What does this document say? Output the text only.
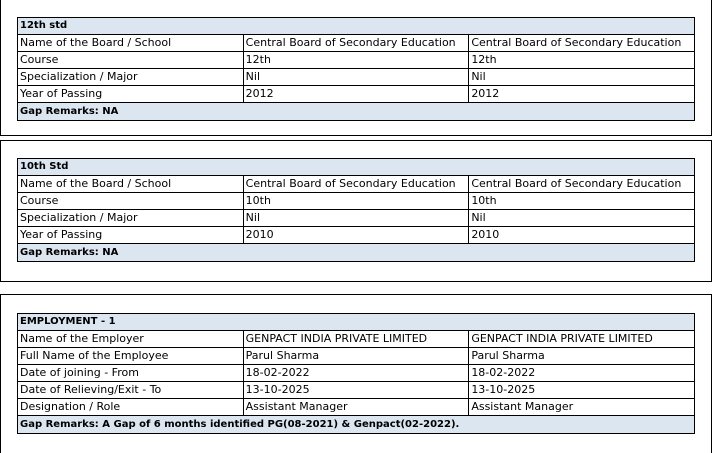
12th std		
Name of the Board / School	Central Board of Secondary Education	Central Board of Secondary Education
Course	12th	12th
Specialization / Major	Nil	Nil
Year of Passing	2012	2012
Gap Remarks: NA		
10th Std		
Name of the Board / School	Central Board of Secondary Education	Central Board of Secondary Education
Course	10th	10th
Specialization / Major	Nil	Nil
Year of Passing	2010	2010
Gap Remarks: NA		
EMPLOYMENT - 1		
Name of the Employer	GENPACT INDIA PRIVATE LIMITED	GENPACT INDIA PRIVATE LIMITED
Full Name of the Employee	Parul Sharma	Parul Sharma
Date of joining - From	18-02-2022	18-02-2022
Date of Relieving/Exit - To	13-10-2025	13-10-2025
Designation / Role	Assistant Manager	Assistant Manager
Gap Remarks: A Gap of 6 months identified PG(08-2021) & Genpact(02-2022).		
